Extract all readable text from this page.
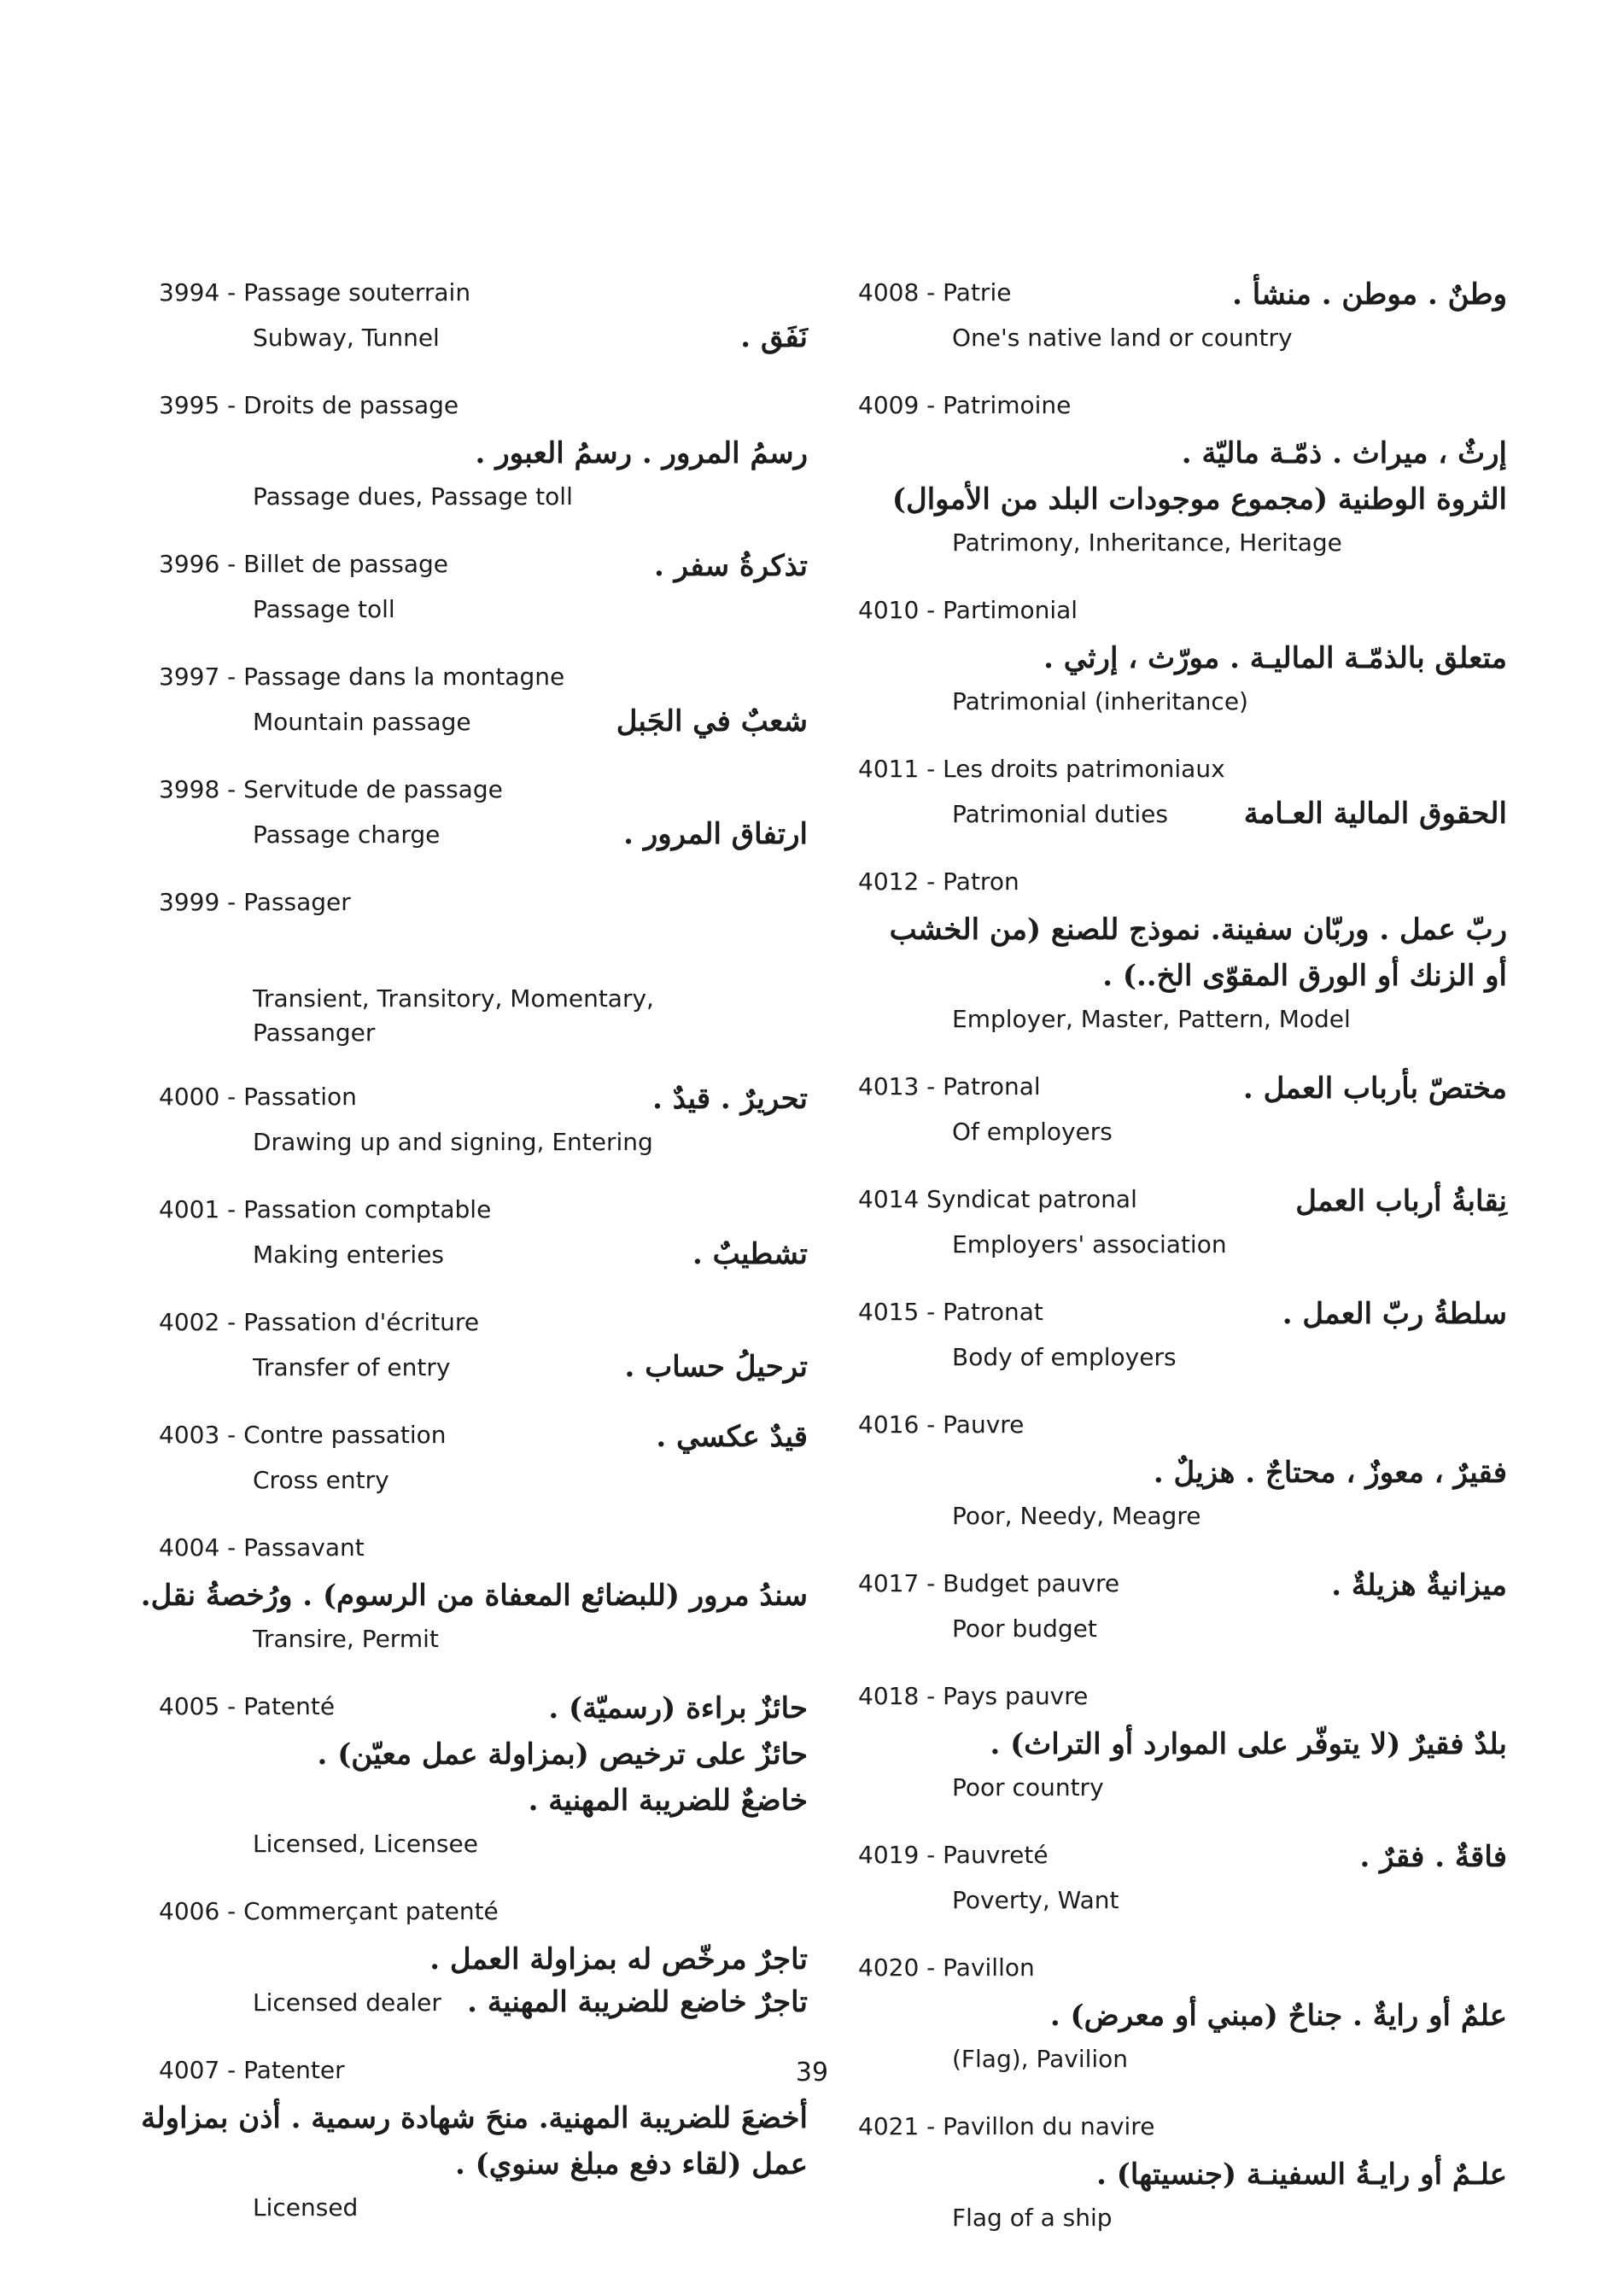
3994 - Passage souterrain
Subway, Tunnel	نَفَق .
3995 - Droits de passage
رسمُ المرور . رسمُ العبور .
Passage dues, Passage toll
3996 - Billet de passage	تذكرةُ سفر .
Passage toll
3997 - Passage dans la montagne
Mountain passage	شعبٌ في الجَبل
3998 - Servitude de passage
Passage charge	ارتفاق المرور .
3999 - Passager
Transient, Transitory, Momentary, Passanger
4000 - Passation	تحريرٌ . قيدٌ .
Drawing up and signing, Entering
4001 - Passation comptable
Making enteries	تشطيبٌ .
4002 - Passation d'écriture
Transfer of entry	ترحيلُ حساب .
4003 - Contre passation	قيدٌ عكسي .
Cross entry
4004 - Passavant
سندُ مرور (للبضائع المعفاة من الرسوم) . ورُخصةُ نقل.
Transire, Permit
4005 - Patenté	حائزٌ براءة (رسميّة) .
حائزٌ على ترخيص (بمزاولة عمل معيّن) .
خاضعٌ للضريبة المهنية .
Licensed, Licensee
4006 - Commerçant patenté
تاجرٌ مرخّص له بمزاولة العمل .
Licensed dealer تاجرٌ خاضع للضريبة المهنية .
4007 - Patenter
أخضعَ للضريبة المهنية. منحَ شهادة رسمية . أذن بمزاولة
عمل (لقاء دفع مبلغ سنوي) .
Licensed
4008 - Patrie	وطنٌ . موطن . منشأ .
One's native land or country
4009 - Patrimoine
إرثٌ ، ميراث . ذمّـة ماليّة .
الثروة الوطنية (مجموع موجودات البلد من الأموال)
Patrimony, Inheritance, Heritage
4010 - Partimonial
متعلق بالذمّـة الماليـة . مورّث ، إرثي .
Patrimonial (inheritance)
4011 - Les droits patrimoniaux
Patrimonial duties	الحقوق المالية العـامة
4012 - Patron
ربّ عمل . وربّان سفينة. نموذج للصنع (من الخشب
أو الزنك أو الورق المقوّى الخ..) .
Employer, Master, Pattern, Model
4013 - Patronal	مختصّ بأرباب العمل .
Of employers
4014 Syndicat patronal	نِقابةُ أرباب العمل
Employers' association
4015 - Patronat	سلطةُ ربّ العمل .
Body of employers
4016 - Pauvre
فقيرٌ ، معوزٌ ، محتاجٌ . هزيلٌ .
Poor, Needy, Meagre
4017 - Budget pauvre	ميزانيةٌ هزيلةٌ .
Poor budget
4018 - Pays pauvre
بلدٌ فقيرٌ (لا يتوفّر على الموارد أو التراث) .
Poor country
4019 - Pauvreté	فاقةٌ . فقرٌ .
Poverty, Want
4020 - Pavillon
علمٌ أو رايةٌ . جناحٌ (مبني أو معرض) .
(Flag), Pavilion
4021 - Pavillon du navire
علـمٌ أو رايـةُ السفينـة (جنسيتها) .
Flag of a ship
39
